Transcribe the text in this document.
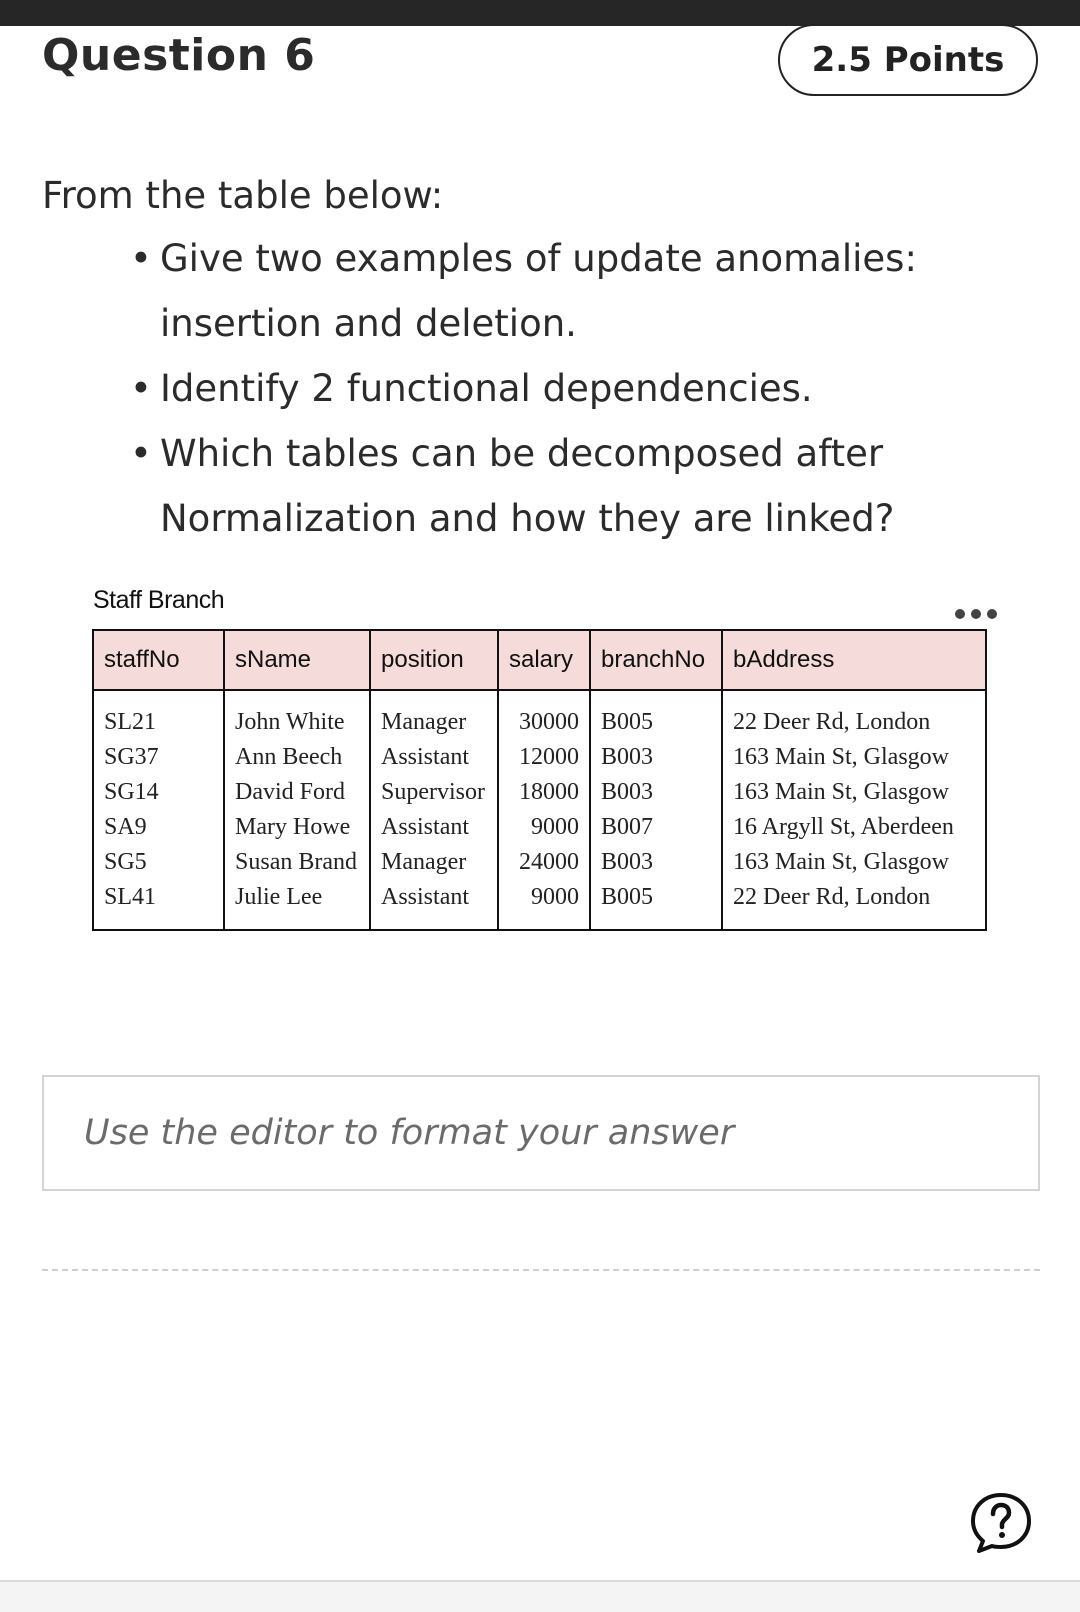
Question 6	2.5 Points
From the table below:
• Give two examples of update anomalies: insertion and deletion.
• Identify 2 functional dependencies.
• Which tables can be decomposed after Normalization and how they are linked?
Staff Branch
staffNo	sName	position	salary	branchNo	bAddress
SL21	John White	Manager	30000	B005	22 Deer Rd, London
SG37	Ann Beech	Assistant	12000	B003	163 Main St, Glasgow
SG14	David Ford	Supervisor	18000	B003	163 Main St, Glasgow
SA9	Mary Howe	Assistant	9000	B007	16 Argyll St, Aberdeen
SG5	Susan Brand	Manager	24000	B003	163 Main St, Glasgow
SL41	Julie Lee	Assistant	9000	B005	22 Deer Rd, London
Use the editor to format your answer
